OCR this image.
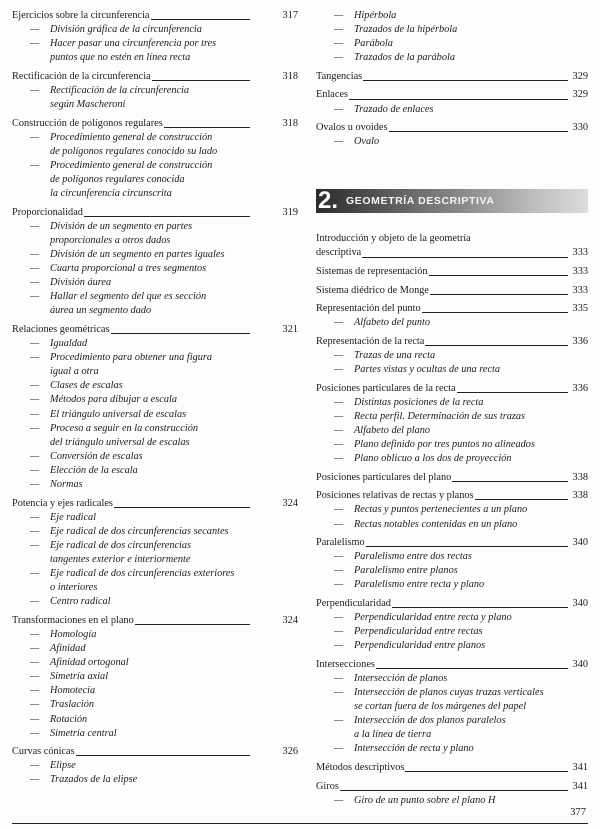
Ejercicios sobre la circunferencia	317
—	División gráfica de la circunferencia
—	Hacer pasar una circunferencia por tres
puntos que no estén en línea recta
Rectificación de la circunferencia	318
—	Rectificación de la circunferencia
según Mascheroni
Construcción de polígonos regulares	318
—	Procedimiento general de construcción
de polígonos regulares conocido su lado
—	Procedimiento general de construcción
de polígonos regulares conocida
la circunferencia circunscrita
Proporcionalidad	319
—	División de un segmento en partes
proporcionales a otros dados
—	División de un segmento en partes iguales
—	Cuarta proporcional a tres segmentos
—	División áurea
—	Hallar el segmento del que es sección
áurea un segmento dado
Relaciones geométricas	321
—	Igualdad
—	Procedimiento para obtener una figura
igual a otra
—	Clases de escalas
—	Métodos para dibujar a escala
—	El triángulo universal de escalas
—	Proceso a seguir en la construcción
del triángulo universal de escalas
—	Conversión de escalas
—	Elección de la escala
—	Normas
Potencia y ejes radicales	324
—	Eje radical
—	Eje radical de dos circunferencias secantes
—	Eje radical de dos circunferencias
tangentes exterior e interiormente
—	Eje radical de dos circunferencias exteriores
o interiores
—	Centro radical
Transformaciones en el plano	324
—	Homología
—	Afinidad
—	Afinidad ortogonal
—	Simetría axial
—	Homotecia
—	Traslación
—	Rotación
—	Simetría central
Curvas cónicas	326
—	Elipse
—	Trazados de la elipse
—	Hipérbola
—	Trazados de la hipérbola
—	Parábola
—	Trazados de la parábola
Tangencias	329
Enlaces	329
—	Trazado de enlaces
Ovalos u ovoides	330
—	Ovalo
2. GEOMETRÍA DESCRIPTIVA
Introducción y objeto de la geometría
descriptiva	333
Sistemas de representación	333
Sistema diédrico de Monge	333
Representación del punto	335
—	Alfabeto del punto
Representación de la recta	336
—	Trazas de una recta
—	Partes vistas y ocultas de una recta
Posiciones particulares de la recta	336
—	Distintas posiciones de la recta
—	Recta perfil. Determinación de sus trazas
—	Alfabeto del plano
—	Plano definido por tres puntos no alineados
—	Plano oblicuo a los dos de proyección
Posiciones particulares del plano	338
Posiciones relativas de rectas y planos	338
—	Rectas y puntos pertenecientes a un plano
—	Rectas notables contenidas en un plano
Paralelismo	340
—	Paralelismo entre dos rectas
—	Paralelismo entre planos
—	Paralelismo entre recta y plano
Perpendicularidad	340
—	Perpendicularidad entre recta y plano
—	Perpendicularidad entre rectas
—	Perpendicularidad entre planos
Intersecciones	340
—	Intersección de planos
—	Intersección de planos cuyas trazas verticales
se cortan fuera de los márgenes del papel
—	Intersección de dos planos paralelos
a la línea de tierra
—	Intersección de recta y plano
Métodos descriptivos	341
Giros	341
—	Giro de un punto sobre el plano H
377
